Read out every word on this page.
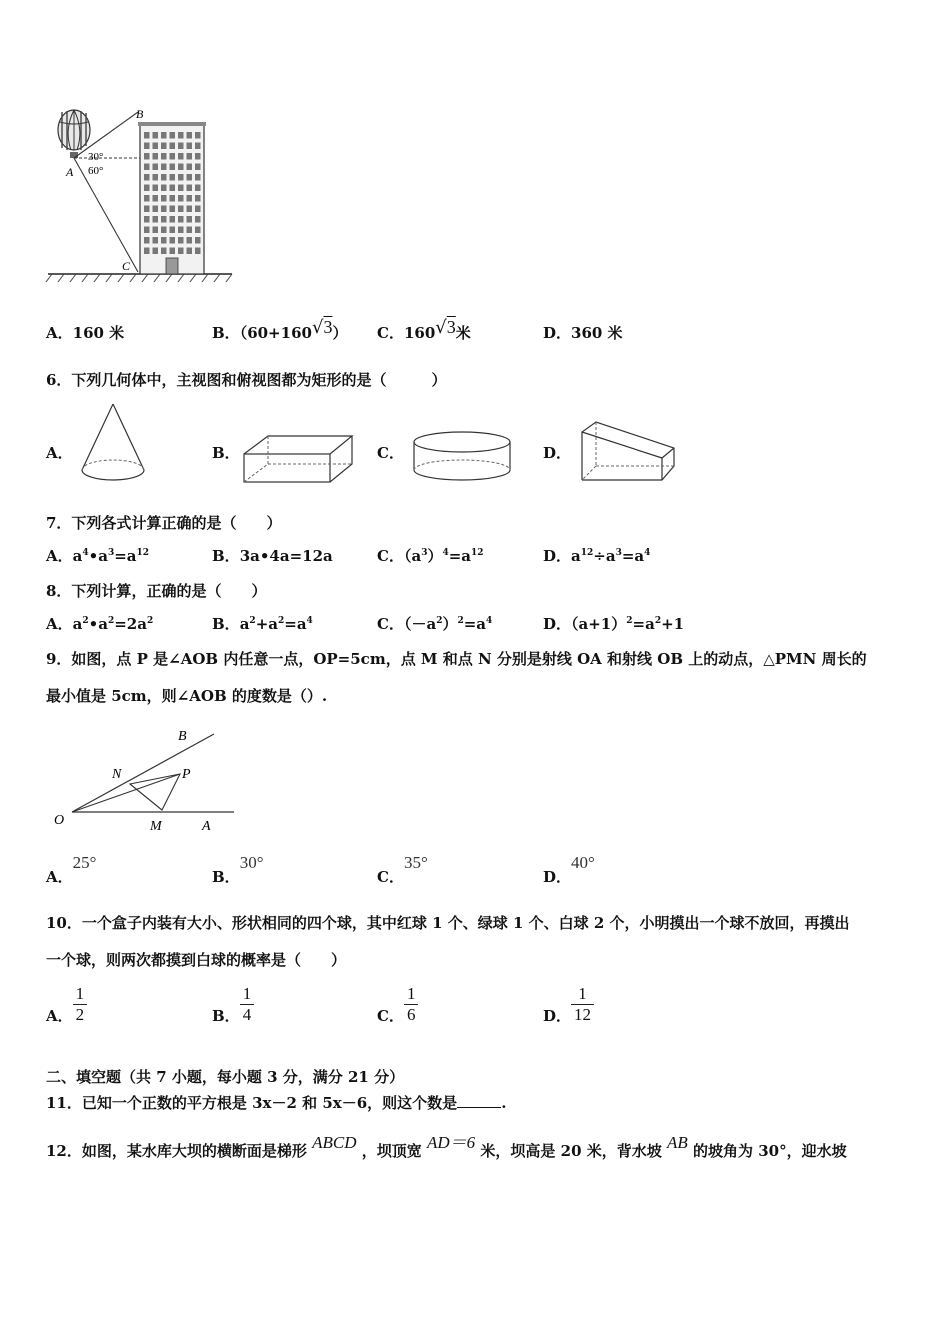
B
A
C
30°
60°
A．160 米	B．（60+160√3） C．160√3米	D．360 米
6．下列几何体中，主视图和俯视图都为矩形的是（　　　）
A．	B．	C．	D．
7．下列各式计算正确的是（　　）
A．$a^4•a^3=a^{12}$	B．3a•4a=12a	C．$(a^3)^4=a^{12}$	D．$a^{12}\div a^3=a^4$
8．下列计算，正确的是（　　）
A．$a^2•a^2=2a^2$	B．$a^2+a^2=a^4$	C．$(-a^2)^2=a^4$	D．$(a+1)^2=a^2+1$
9．如图，点 P 是∠AOB 内任意一点，OP=5cm，点 M 和点 N 分别是射线 OA 和射线 OB 上的动点，△PMN 周长的
最小值是 5cm，则∠AOB 的度数是（）.
O	A
B
M
N	P
A．25°
B．30°
C．35°
D．40°
10．一个盒子内装有大小、形状相同的四个球，其中红球 1 个、绿球 1 个、白球 2 个，小明摸出一个球不放回，再摸出
一个球，则两次都摸到白球的概率是（　　）
A． $\frac{1}{2}$	B． $\frac{1}{4}$	C． $\frac{1}{6}$	D． $\frac{1}{12}$
二、填空题（共 7 小题，每小题 3 分，满分 21 分）
11．已知一个正数的平方根是 3x－2 和 5x－6，则这个数是	.
12．如图，某水库大坝的横断面是梯形 ABCD ，坝顶宽 AD＝6 米，坝高是 20 米，背水坡 AB 的坡角为 30°，迎水坡
